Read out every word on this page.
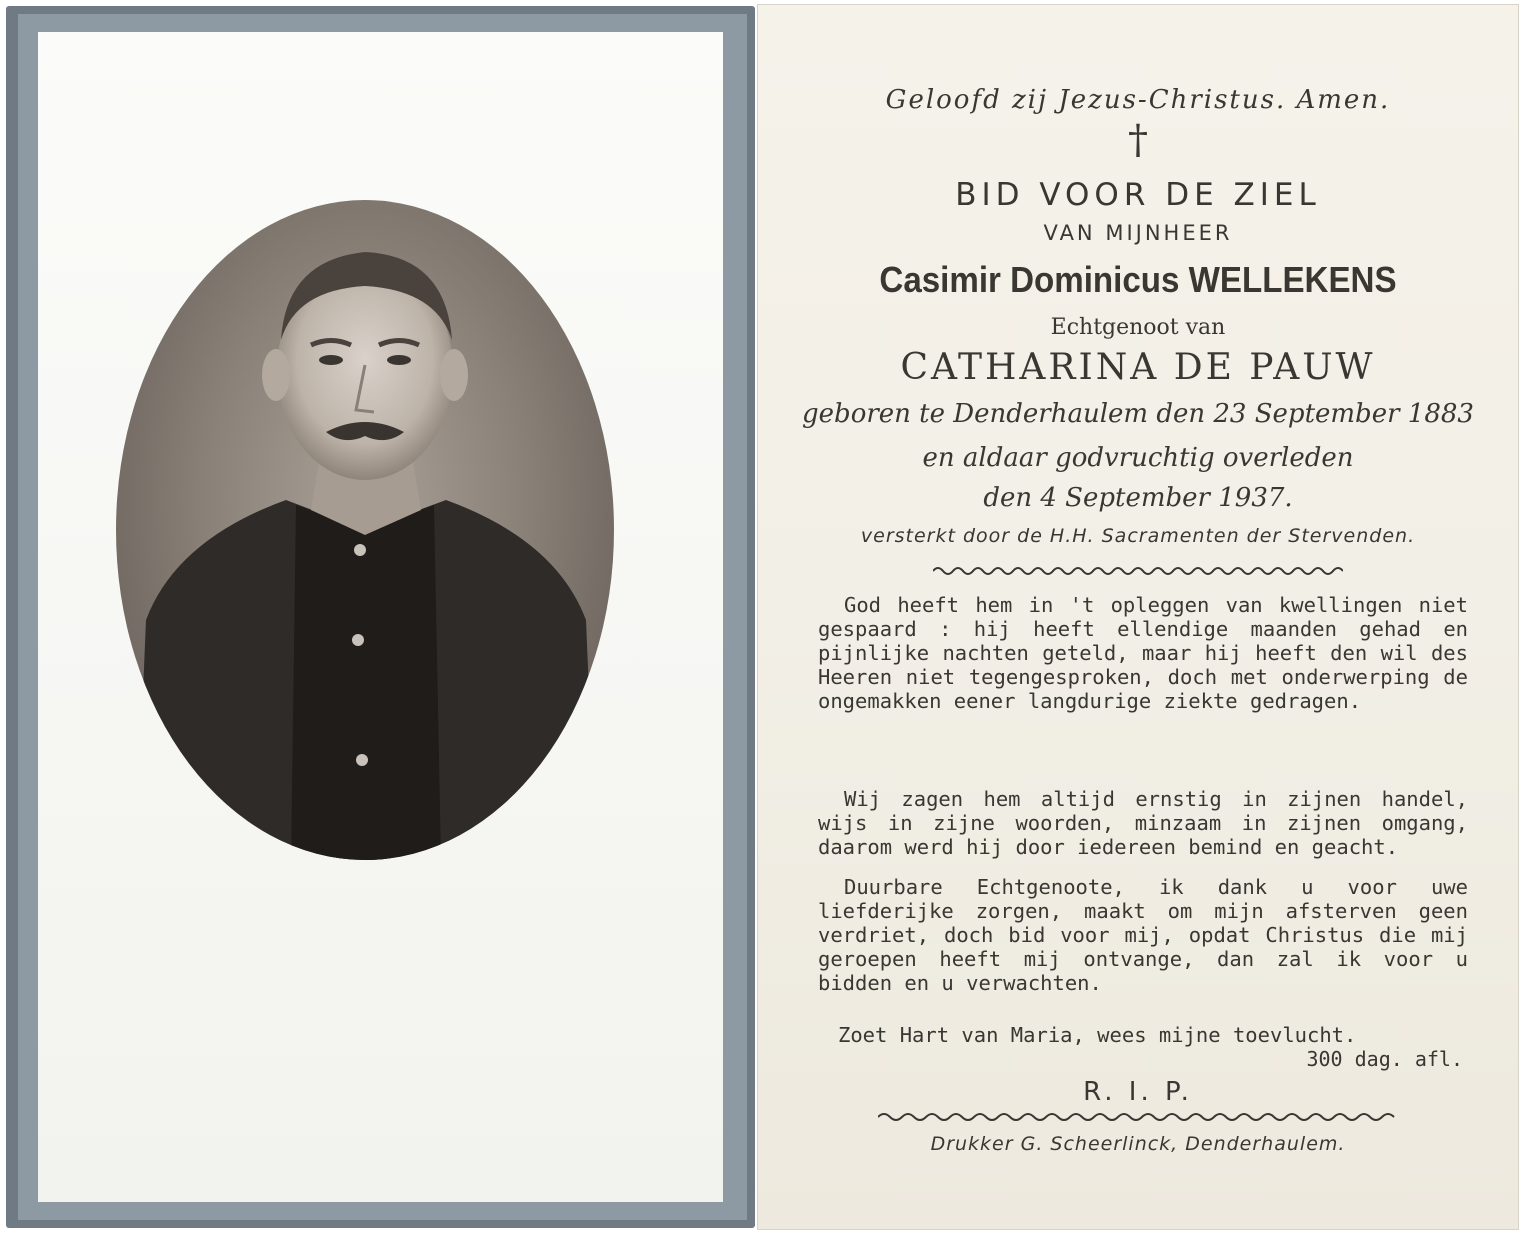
Geloofd zij Jezus-Christus. Amen.

†

BID VOOR DE ZIEL

VAN MIJNHEER

Casimir Dominicus WELLEKENS

Echtgenoot van

CATHARINA DE PAUW

geboren te Denderhaulem den 23 September 1883

en aldaar godvruchtig overleden

den 4 September 1937.

versterkt door de H.H. Sacramenten der Stervenden.

God heeft hem in 't opleggen van kwellingen niet gespaard : hij heeft ellendige maanden gehad en pijnlijke nachten geteld, maar hij heeft den wil des Heeren niet tegengesproken, doch met onderwerping de ongemakken eener langdurige ziekte gedragen.

Wij zagen hem altijd ernstig in zijnen handel, wijs in zijne woorden, minzaam in zijnen omgang, daarom werd hij door iedereen bemind en geacht.

Duurbare Echtgenoote, ik dank u voor uwe liefderijke zorgen, maakt om mijn afsterven geen verdriet, doch bid voor mij, opdat Christus die mij geroepen heeft mij ontvange, dan zal ik voor u bidden en u verwachten.

Zoet Hart van Maria, wees mijne toevlucht.

300 dag. afl.

R. I. P.

Drukker G. Scheerlinck, Denderhaulem.
